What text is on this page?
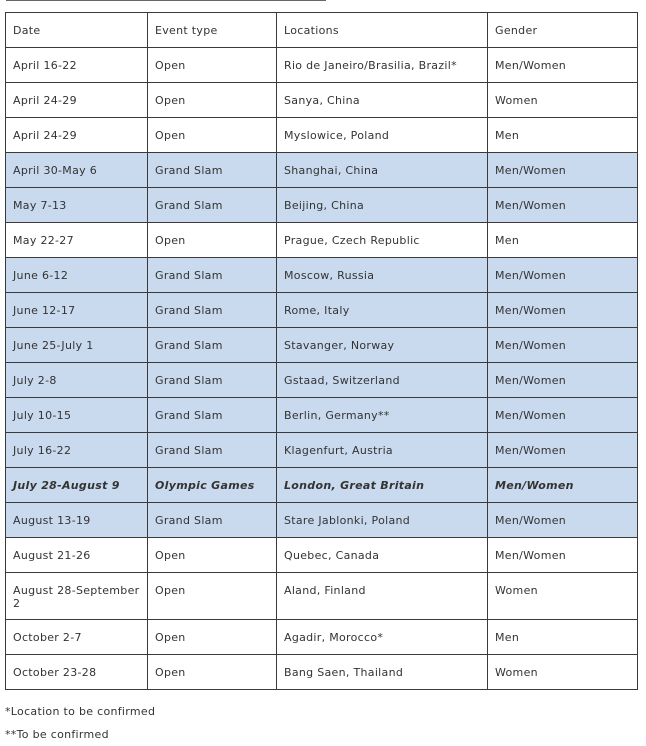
Date	Event type	Locations	Gender
April 16-22	Open	Rio de Janeiro/Brasilia, Brazil*	Men/Women
April 24-29	Open	Sanya, China	Women
April 24-29	Open	Myslowice, Poland	Men
April 30-May 6	Grand Slam	Shanghai, China	Men/Women
May 7-13	Grand Slam	Beijing, China	Men/Women
May 22-27	Open	Prague, Czech Republic	Men
June 6-12	Grand Slam	Moscow, Russia	Men/Women
June 12-17	Grand Slam	Rome, Italy	Men/Women
June 25-July 1	Grand Slam	Stavanger, Norway	Men/Women
July 2-8	Grand Slam	Gstaad, Switzerland	Men/Women
July 10-15	Grand Slam	Berlin, Germany**	Men/Women
July 16-22	Grand Slam	Klagenfurt, Austria	Men/Women
July 28-August 9	Olympic Games	London, Great Britain	Men/Women
August 13-19	Grand Slam	Stare Jablonki, Poland	Men/Women
August 21-26	Open	Quebec, Canada	Men/Women
August 28-September 2	Open	Aland, Finland	Women
October 2-7	Open	Agadir, Morocco*	Men
October 23-28	Open	Bang Saen, Thailand	Women

*Location to be confirmed

**To be confirmed
